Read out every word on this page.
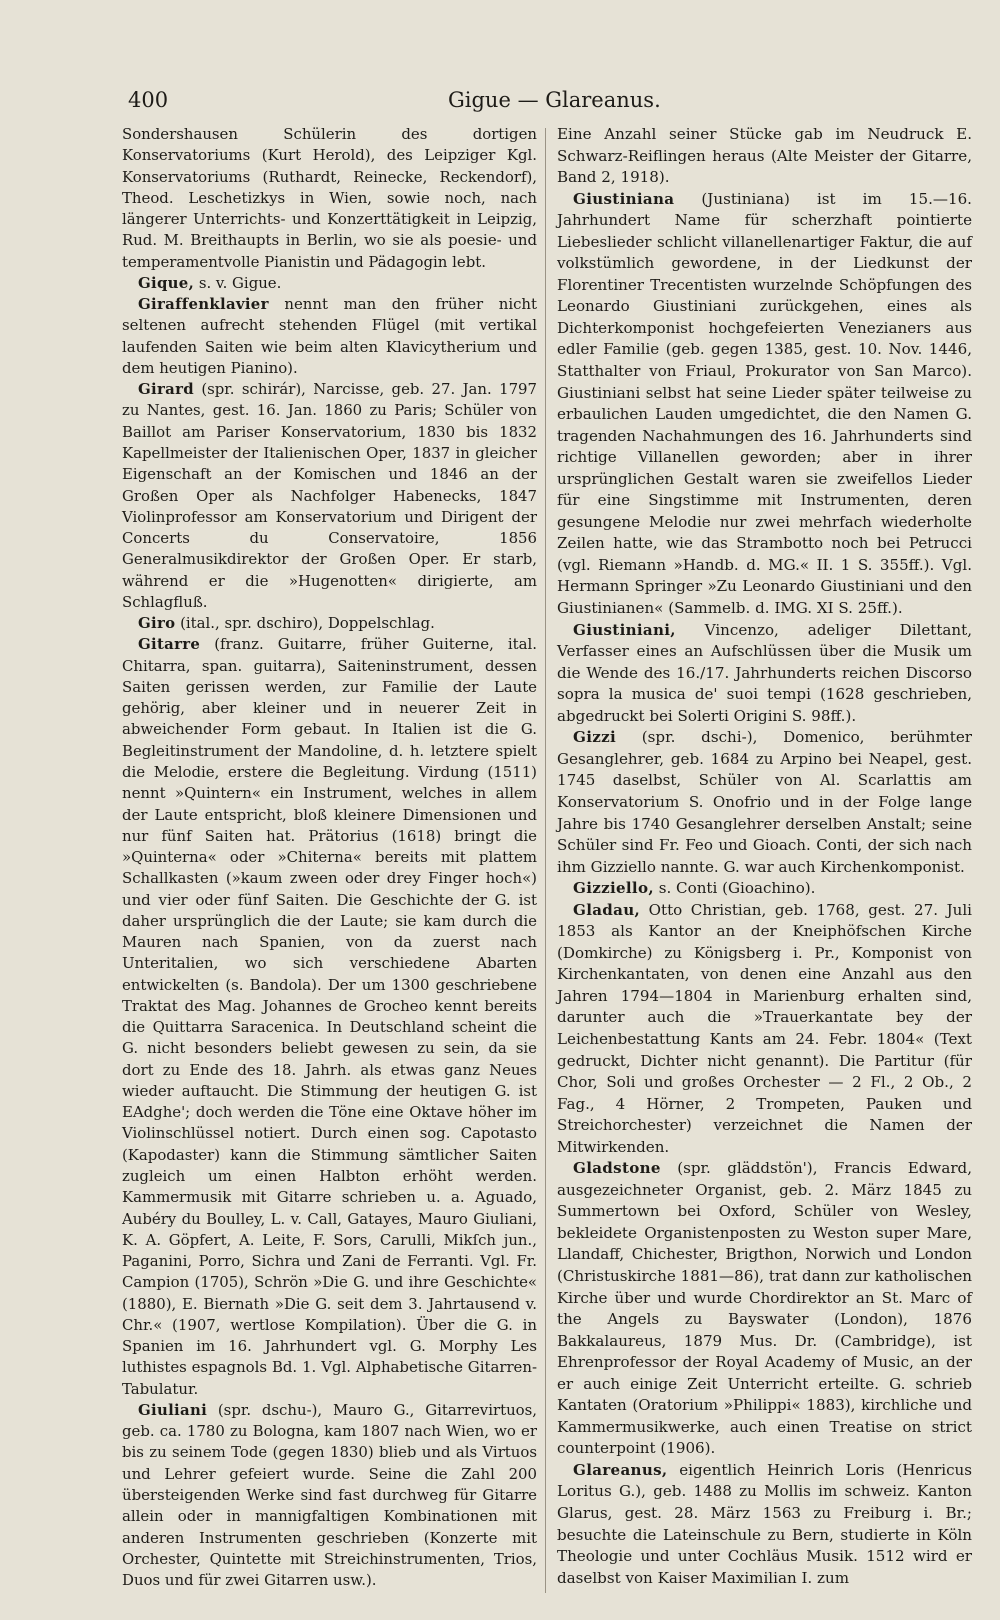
400	Gigue — Glareanus.

Sondershausen Schülerin des dortigen Konservatoriums (Kurt Herold), des Leipziger Kgl. Konservatoriums (Ruthardt, Reinecke, Reckendorf), Theod. Leschetizkys in Wien, sowie noch, nach längerer Unterrichts- und Konzerttätigkeit in Leipzig, Rud. M. Breithaupts in Berlin, wo sie als poesie- und temperamentvolle Pianistin und Pädagogin lebt.

Gique, s. v. Gigue.

Giraffenklavier nennt man den früher nicht seltenen aufrecht stehenden Flügel (mit vertikal laufenden Saiten wie beim alten Klavicytherium und dem heutigen Pianino).

Girard (spr. schirár), Narcisse, geb. 27. Jan. 1797 zu Nantes, gest. 16. Jan. 1860 zu Paris; Schüler von Baillot am Pariser Konservatorium, 1830 bis 1832 Kapellmeister der Italienischen Oper, 1837 in gleicher Eigenschaft an der Komischen und 1846 an der Großen Oper als Nachfolger Habenecks, 1847 Violinprofessor am Konservatorium und Dirigent der Concerts du Conservatoire, 1856 Generalmusikdirektor der Großen Oper. Er starb, während er die »Hugenotten« dirigierte, am Schlagfluß.

Giro (ital., spr. dschiro), Doppelschlag.

Gitarre (franz. Guitarre, früher Guiterne, ital. Chitarra, span. guitarra), Saiteninstrument, dessen Saiten gerissen werden, zur Familie der Laute gehörig, aber kleiner und in neuerer Zeit in abweichender Form gebaut. In Italien ist die G. Begleitinstrument der Mandoline, d. h. letztere spielt die Melodie, erstere die Begleitung. Virdung (1511) nennt »Quintern« ein Instrument, welches in allem der Laute entspricht, bloß kleinere Dimensionen und nur fünf Saiten hat. Prätorius (1618) bringt die »Quinterna« oder »Chiterna« bereits mit plattem Schallkasten (»kaum zween oder drey Finger hoch«) und vier oder fünf Saiten. Die Geschichte der G. ist daher ursprünglich die der Laute; sie kam durch die Mauren nach Spanien, von da zuerst nach Unteritalien, wo sich verschiedene Abarten entwickelten (s. Bandola). Der um 1300 geschriebene Traktat des Mag. Johannes de Grocheo kennt bereits die Quittarra Saracenica. In Deutschland scheint die G. nicht besonders beliebt gewesen zu sein, da sie dort zu Ende des 18. Jahrh. als etwas ganz Neues wieder auftaucht. Die Stimmung der heutigen G. ist EAdghe'; doch werden die Töne eine Oktave höher im Violinschlüssel notiert. Durch einen sog. Capotasto (Kapodaster) kann die Stimmung sämtlicher Saiten zugleich um einen Halbton erhöht werden. Kammermusik mit Gitarre schrieben u. a. Aguado, Aubéry du Boulley, L. v. Call, Gatayes, Mauro Giuliani, K. A. Göpfert, A. Leite, F. Sors, Carulli, Mikſch jun., Paganini, Porro, Sichra und Zani de Ferranti. Vgl. Fr. Campion (1705), Schrön »Die G. und ihre Geschichte« (1880), E. Biernath »Die G. seit dem 3. Jahrtausend v. Chr.« (1907, wertlose Kompilation). Über die G. in Spanien im 16. Jahrhundert vgl. G. Morphy Les luthistes espagnols Bd. 1. Vgl. Alphabetische Gitarren-Tabulatur.

Giuliani (spr. dschu-), Mauro G., Gitarrevirtuos, geb. ca. 1780 zu Bologna, kam 1807 nach Wien, wo er bis zu seinem Tode (gegen 1830) blieb und als Virtuos und Lehrer gefeiert wurde. Seine die Zahl 200 übersteigenden Werke sind fast durchweg für Gitarre allein oder in mannigfaltigen Kombinationen mit anderen Instrumenten geschrieben (Konzerte mit Orchester, Quintette mit Streichinstrumenten, Trios, Duos und für zwei Gitarren usw.).

Eine Anzahl seiner Stücke gab im Neudruck E. Schwarz-Reiflingen heraus (Alte Meister der Gitarre, Band 2, 1918).

Giustiniana (Justiniana) ist im 15.—16. Jahrhundert Name für scherzhaft pointierte Liebeslieder schlicht villanellenartiger Faktur, die auf volkstümlich gewordene, in der Liedkunst der Florentiner Trecentisten wurzelnde Schöpfungen des Leonardo Giustiniani zurückgehen, eines als Dichterkomponist hochgefeierten Venezianers aus edler Familie (geb. gegen 1385, gest. 10. Nov. 1446, Statthalter von Friaul, Prokurator von San Marco). Giustiniani selbst hat seine Lieder später teilweise zu erbaulichen Lauden umgedichtet, die den Namen G. tragenden Nachahmungen des 16. Jahrhunderts sind richtige Villanellen geworden; aber in ihrer ursprünglichen Gestalt waren sie zweifellos Lieder für eine Singstimme mit Instrumenten, deren gesungene Melodie nur zwei mehrfach wiederholte Zeilen hatte, wie das Strambotto noch bei Petrucci (vgl. Riemann »Handb. d. MG.« II. 1 S. 355ff.). Vgl. Hermann Springer »Zu Leonardo Giustiniani und den Giustinianen« (Sammelb. d. IMG. XI S. 25ff.).

Giustiniani, Vincenzo, adeliger Dilettant, Verfasser eines an Aufschlüssen über die Musik um die Wende des 16./17. Jahrhunderts reichen Discorso sopra la musica de' suoi tempi (1628 geschrieben, abgedruckt bei Solerti Origini S. 98ff.).

Gizzi (spr. dschi-), Domenico, berühmter Gesanglehrer, geb. 1684 zu Arpino bei Neapel, gest. 1745 daselbst, Schüler von Al. Scarlattis am Konservatorium S. Onofrio und in der Folge lange Jahre bis 1740 Gesanglehrer derselben Anstalt; seine Schüler sind Fr. Feo und Gioach. Conti, der sich nach ihm Gizziello nannte. G. war auch Kirchenkomponist.

Gizziello, s. Conti (Gioachino).

Gladau, Otto Christian, geb. 1768, gest. 27. Juli 1853 als Kantor an der Kneiphöfschen Kirche (Domkirche) zu Königsberg i. Pr., Komponist von Kirchenkantaten, von denen eine Anzahl aus den Jahren 1794—1804 in Marienburg erhalten sind, darunter auch die »Trauerkantate bey der Leichenbestattung Kants am 24. Febr. 1804« (Text gedruckt, Dichter nicht genannt). Die Partitur (für Chor, Soli und großes Orchester — 2 Fl., 2 Ob., 2 Fag., 4 Hörner, 2 Trompeten, Pauken und Streichorchester) verzeichnet die Namen der Mitwirkenden.

Gladstone (spr. gläddstön'), Francis Edward, ausgezeichneter Organist, geb. 2. März 1845 zu Summertown bei Oxford, Schüler von Wesley, bekleidete Organistenposten zu Weston super Mare, Llandaff, Chichester, Brigthon, Norwich und London (Christuskirche 1881—86), trat dann zur katholischen Kirche über und wurde Chordirektor an St. Marc of the Angels zu Bayswater (London), 1876 Bakkalaureus, 1879 Mus. Dr. (Cambridge), ist Ehrenprofessor der Royal Academy of Music, an der er auch einige Zeit Unterricht erteilte. G. schrieb Kantaten (Oratorium »Philippi« 1883), kirchliche und Kammermusikwerke, auch einen Treatise on strict counterpoint (1906).

Glareanus, eigentlich Heinrich Loris (Henricus Loritus G.), geb. 1488 zu Mollis im schweiz. Kanton Glarus, gest. 28. März 1563 zu Freiburg i. Br.; besuchte die Lateinschule zu Bern, studierte in Köln Theologie und unter Cochläus Musik. 1512 wird er daselbst von Kaiser Maximilian I. zum
